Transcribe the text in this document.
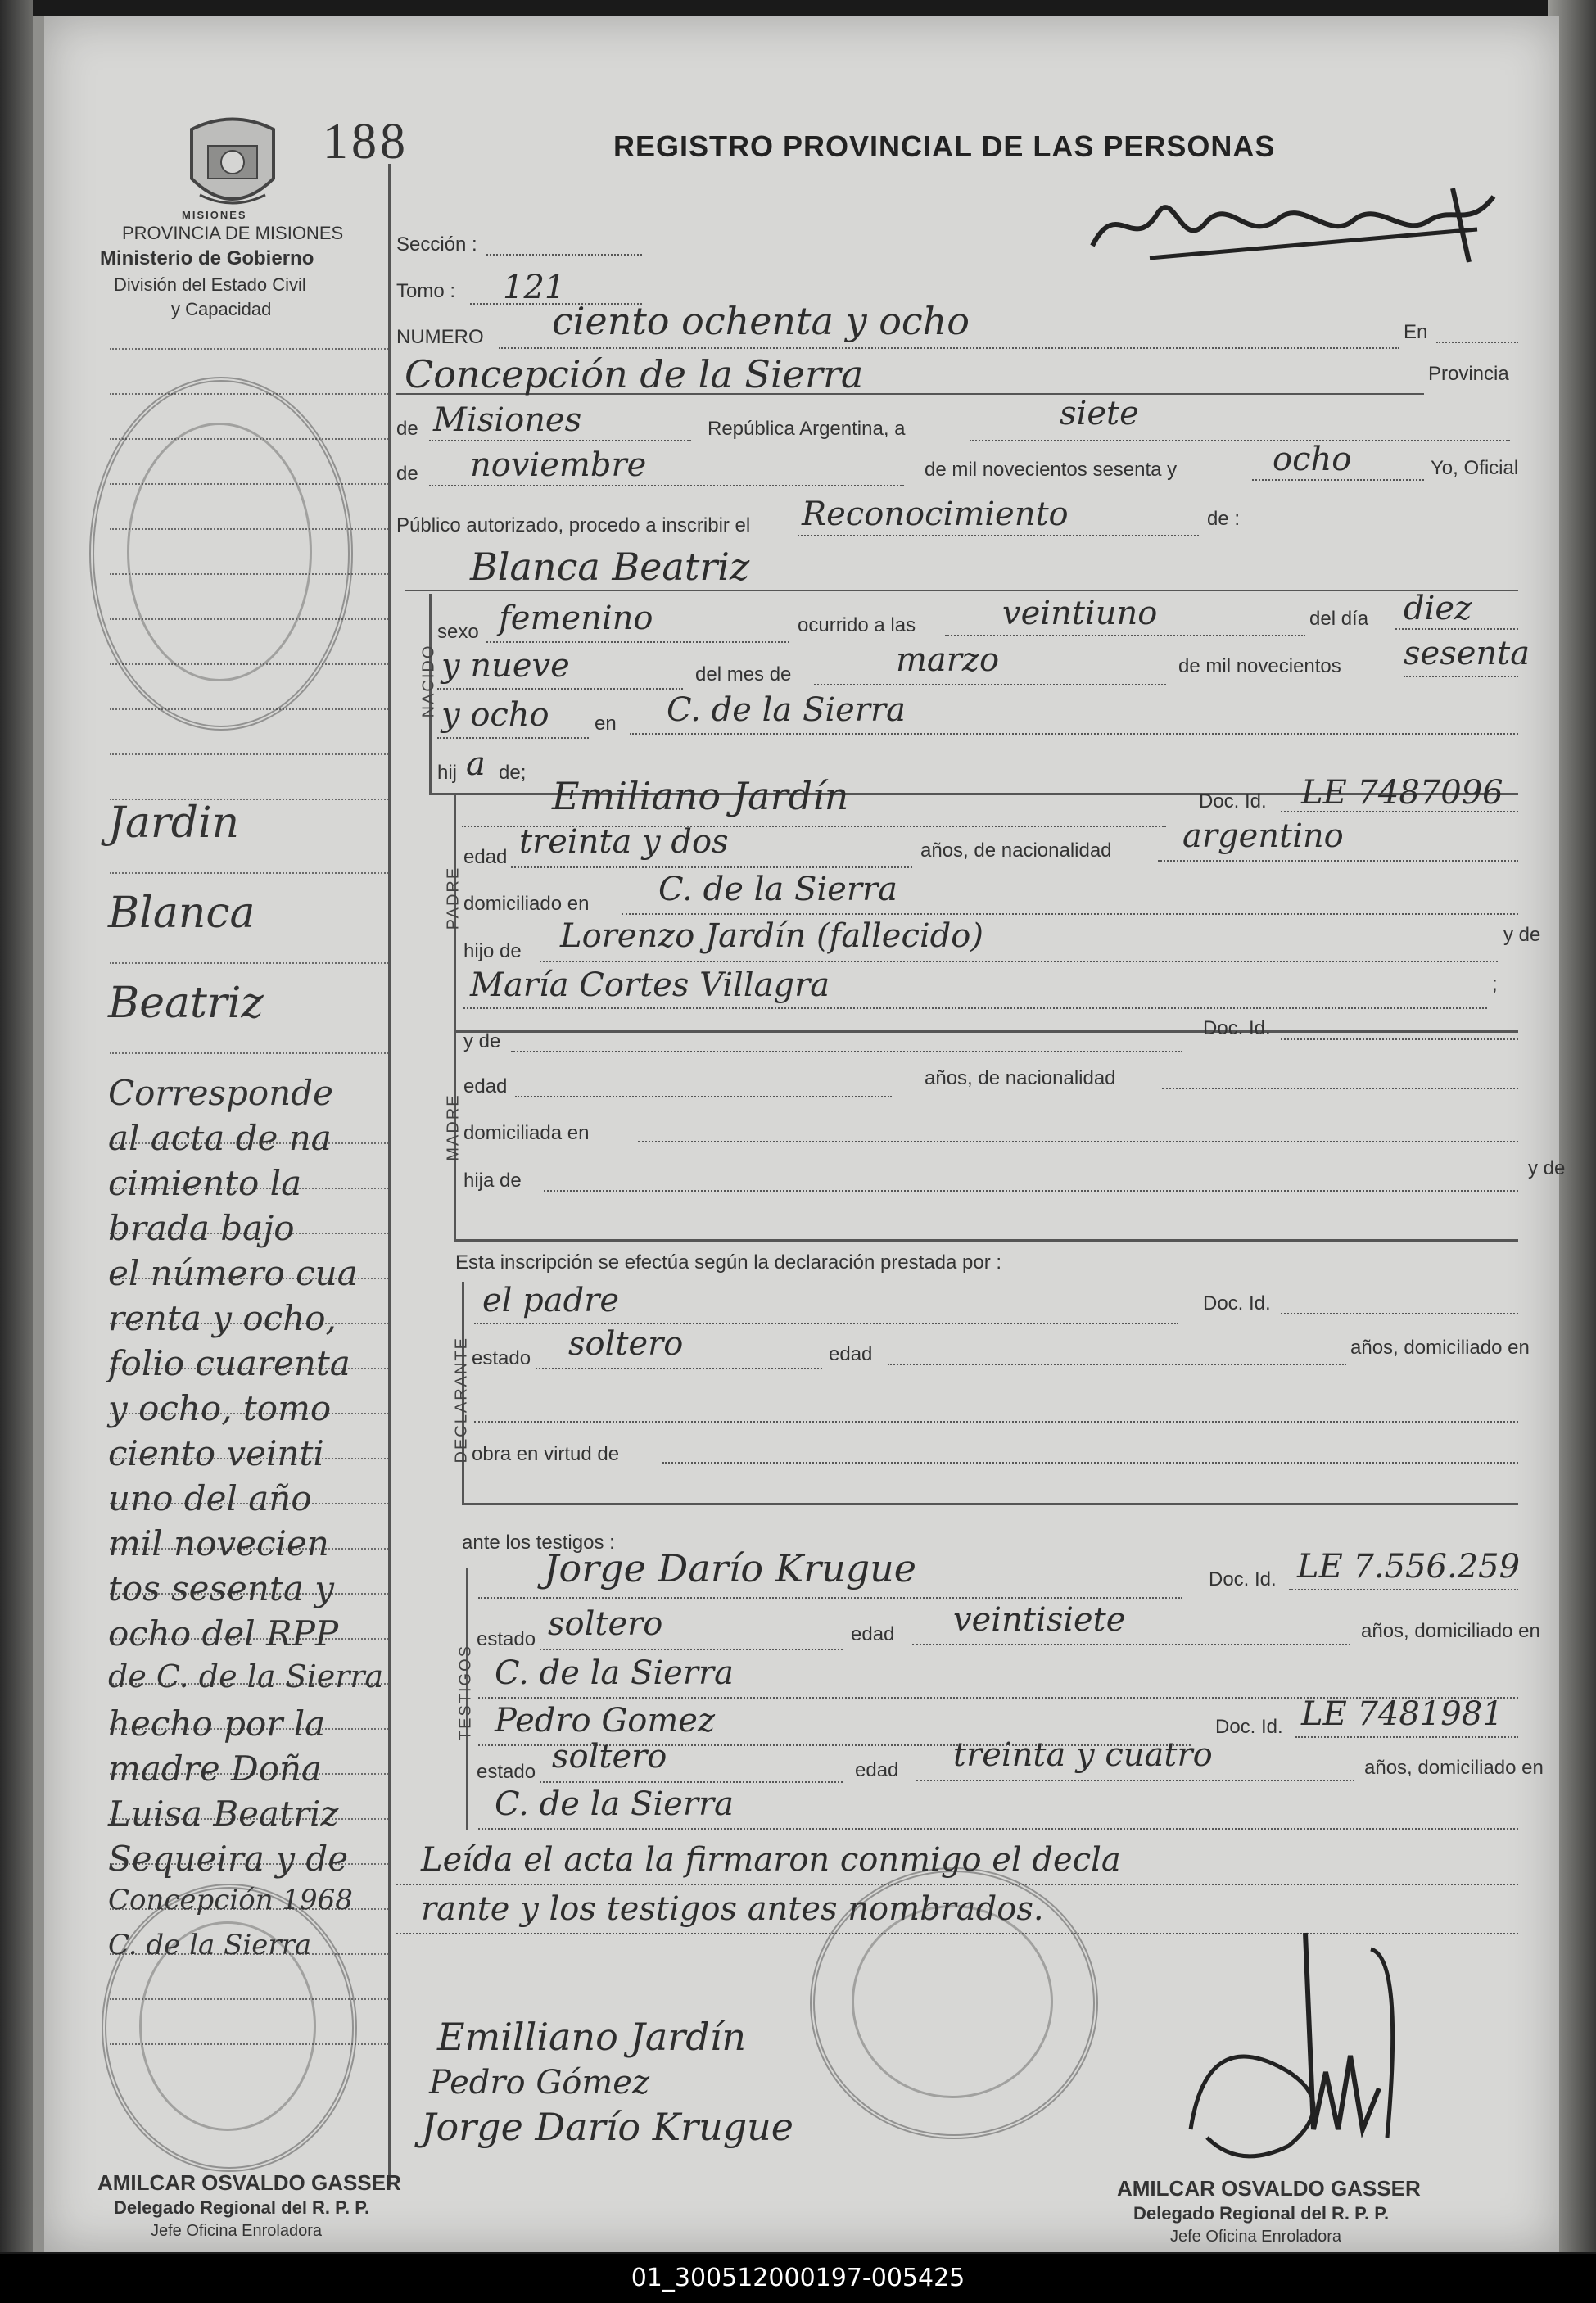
MISIONES
188	REGISTRO PROVINCIAL DE LAS PERSONAS
PROVINCIA DE MISIONES
Ministerio de Gobierno
División del Estado Civil
y Capacidad
Jardin
Blanca
Beatriz
Corresponde
al acta de na
cimiento la
brada bajo
el número cua
renta y ocho,
folio cuarenta
y ocho, tomo
ciento veinti
uno del año
mil novecien
tos sesenta y
ocho del RPP
de C. de la Sierra
hecho por la
madre Doña
Luisa Beatriz
Sequeira y de
Concepción 1968
C. de la Sierra
Sección :
Tomo : 121
NUMERO ciento ochenta y ocho	En
Concepción de la Sierra	Provincia
de Misiones	República Argentina, a	siete
de noviembre	de mil novecientos sesenta y	ocho	Yo, Oficial
Público autorizado, procedo a inscribir el Reconocimiento	de :
Blanca Beatriz
NACIDO
sexo femenino	ocurrido a las	veintiuno	del día diez
y nueve	del mes de	marzo	de mil novecientos sesenta
y ocho en C. de la Sierra
hij a de;
PADRE
Emiliano Jardín	Doc. Id. LE 7487096
edad treinta y dos	años, de nacionalidad argentino
domiciliado en C. de la Sierra
hijo de Lorenzo Jardín (fallecido)	y de
María Cortes Villagra	;
MADRE
y de
Doc. Id.
edad	años, de nacionalidad
domiciliada en
hija de
y de
Esta inscripción se efectúa según la declaración prestada por :
DECLARANTE
el padre	Doc. Id.
estado soltero	edad	años, domiciliado en
obra en virtud de
ante los testigos :
TESTIGOS
Jorge Darío Krugue	Doc. Id. LE 7.556.259
estado soltero	edad veintisiete	años, domiciliado en
C. de la Sierra
Pedro Gomez	Doc. Id. LE 7481981
estado soltero	edad treinta y cuatro	años, domiciliado en
C. de la Sierra
Leída el acta la firmaron conmigo el decla
rante y los testigos antes nombrados.
Emilliano Jardín
Pedro Gómez
Jorge Darío Krugue
AMILCAR OSVALDO GASSER
Delegado Regional del R. P. P.
Jefe Oficina Enroladora
AMILCAR OSVALDO GASSER
Delegado Regional del R. P. P.
Jefe Oficina Enroladora
01_300512000197-005425
